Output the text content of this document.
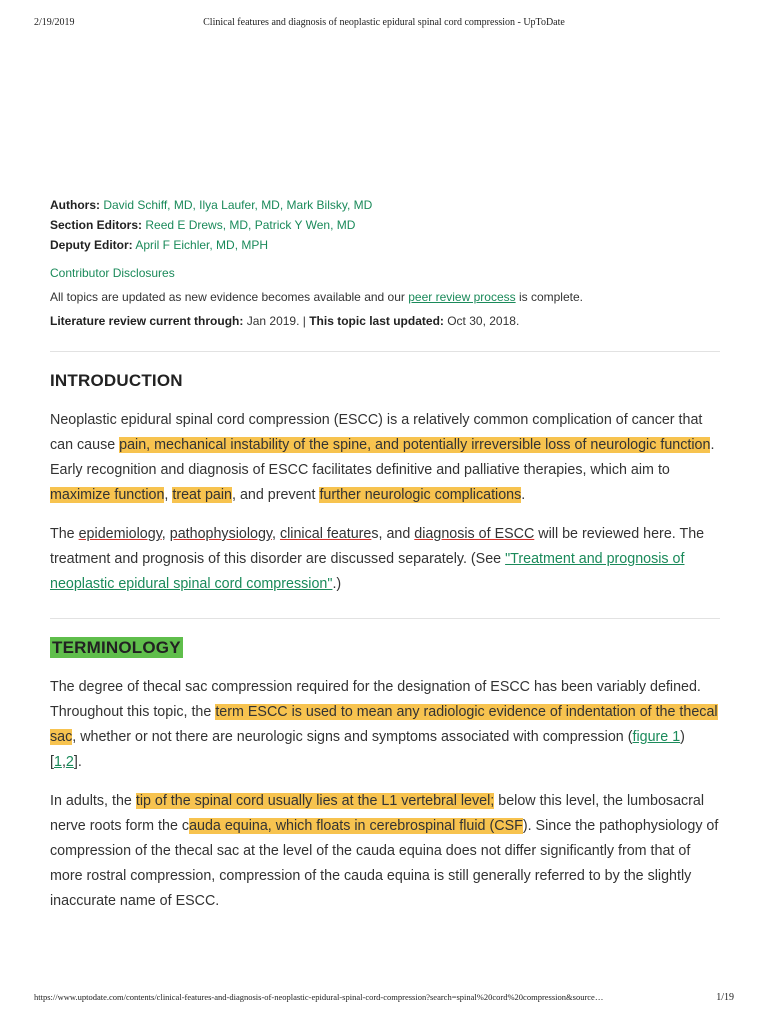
2/19/2019	Clinical features and diagnosis of neoplastic epidural spinal cord compression - UpToDate
Authors: David Schiff, MD, Ilya Laufer, MD, Mark Bilsky, MD
Section Editors: Reed E Drews, MD, Patrick Y Wen, MD
Deputy Editor: April F Eichler, MD, MPH
Contributor Disclosures
All topics are updated as new evidence becomes available and our peer review process is complete.
Literature review current through: Jan 2019. | This topic last updated: Oct 30, 2018.
INTRODUCTION

Neoplastic epidural spinal cord compression (ESCC) is a relatively common complication of cancer that can cause pain, mechanical instability of the spine, and potentially irreversible loss of neurologic function. Early recognition and diagnosis of ESCC facilitates definitive and palliative therapies, which aim to maximize function, treat pain, and prevent further neurologic complications.

The epidemiology, pathophysiology, clinical features, and diagnosis of ESCC will be reviewed here. The treatment and prognosis of this disorder are discussed separately. (See "Treatment and prognosis of neoplastic epidural spinal cord compression".)

TERMINOLOGY

The degree of thecal sac compression required for the designation of ESCC has been variably defined. Throughout this topic, the term ESCC is used to mean any radiologic evidence of indentation of the thecal sac, whether or not there are neurologic signs and symptoms associated with compression (figure 1) [1,2].

In adults, the tip of the spinal cord usually lies at the L1 vertebral level; below this level, the lumbosacral nerve roots form the cauda equina, which floats in cerebrospinal fluid (CSF). Since the pathophysiology of compression of the thecal sac at the level of the cauda equina does not differ significantly from that of more rostral compression, compression of the cauda equina is still generally referred to by the slightly inaccurate name of ESCC.

https://www.uptodate.com/contents/clinical-features-and-diagnosis-of-neoplastic-epidural-spinal-cord-compression?search=spinal%20cord%20compression&source…	1/19
